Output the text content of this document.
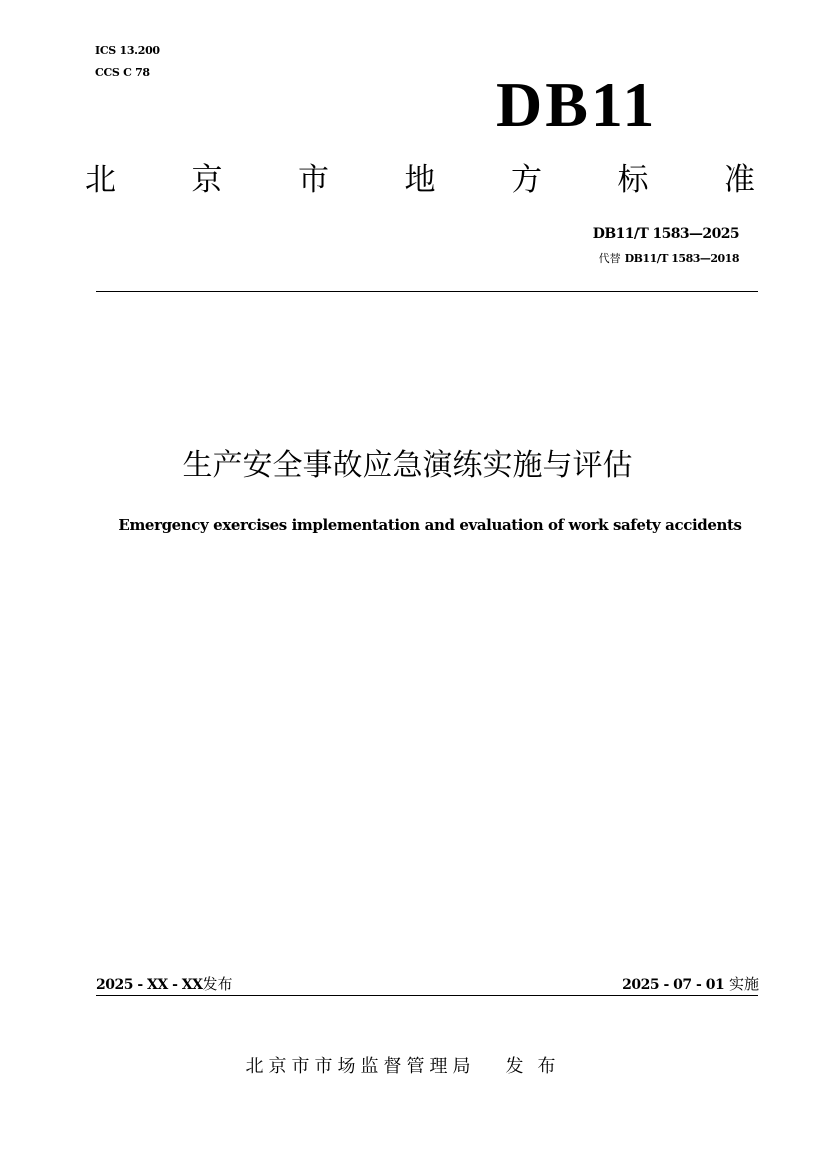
ICS 13.200
CCS C 78	DB11
北 京 市 地 方 标 准
DB11/T 1583—2025
代替 DB11/T 1583—2018
生产安全事故应急演练实施与评估
Emergency exercises implementation and evaluation of work safety accidents
2025 - XX - XX发布	2025 - 07 - 01 实施
北京市市场监督管理局 发布
